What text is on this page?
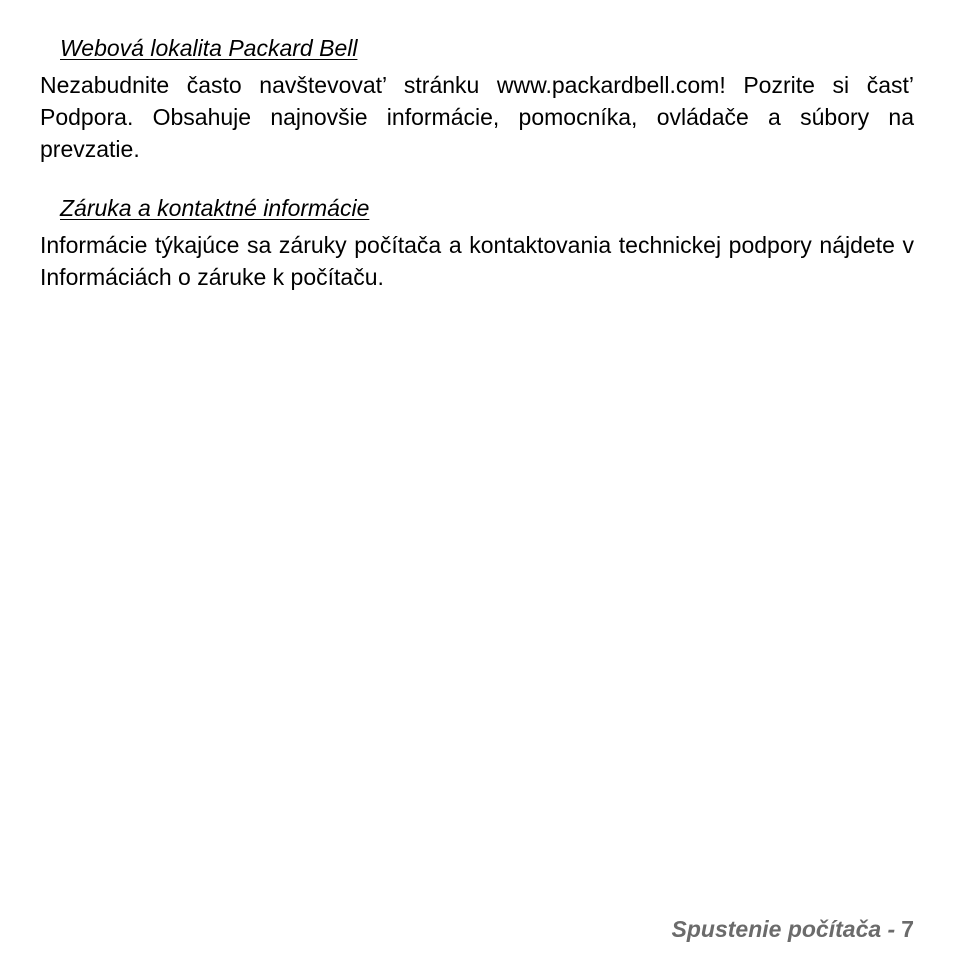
Webová lokalita Packard Bell

Nezabudnite často navštevovat’ stránku www.packardbell.com! Pozrite si čast’ Podpora. Obsahuje najnovšie informácie, pomocníka, ovládače a súbory na prevzatie.

Záruka a kontaktné informácie

Informácie týkajúce sa záruky počítača a kontaktovania technickej podpory nájdete v Informáciách o záruke k počítaču.

Spustenie počítača - 7
